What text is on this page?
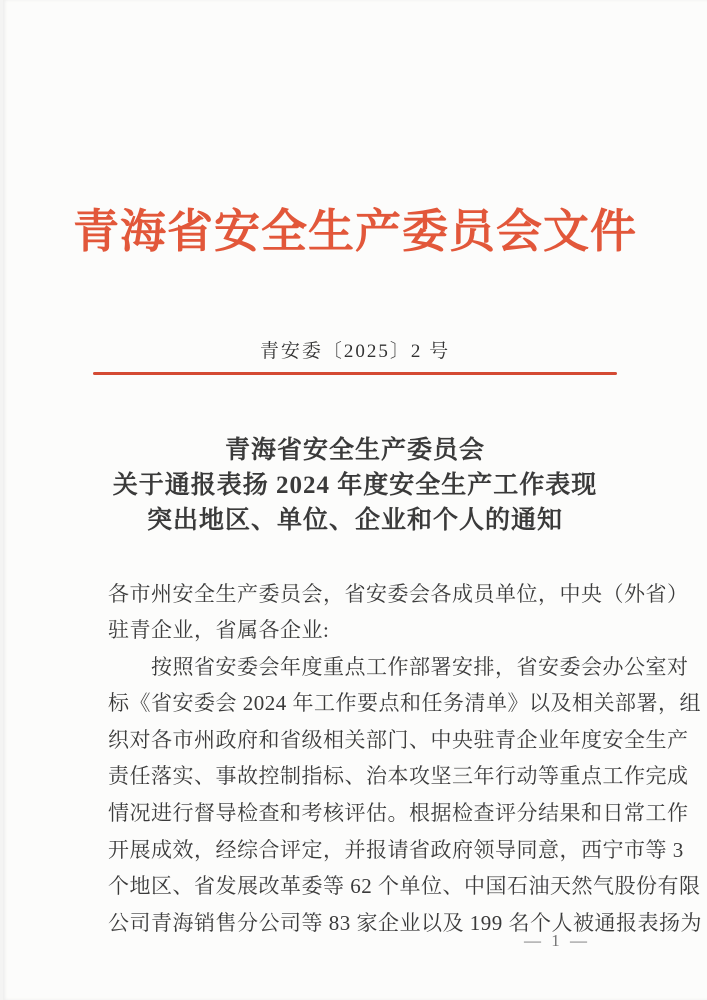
青海省安全生产委员会文件
青安委〔2025〕2 号
青海省安全生产委员会
关于通报表扬 2024 年度安全生产工作表现
突出地区、单位、企业和个人的通知
各市州安全生产委员会，省安委会各成员单位，中央（外省）
驻青企业，省属各企业:
　　按照省安委会年度重点工作部署安排，省安委会办公室对
标《省安委会 2024 年工作要点和任务清单》以及相关部署，组
织对各市州政府和省级相关部门、中央驻青企业年度安全生产
责任落实、事故控制指标、治本攻坚三年行动等重点工作完成
情况进行督导检查和考核评估。根据检查评分结果和日常工作
开展成效，经综合评定，并报请省政府领导同意，西宁市等 3
个地区、省发展改革委等 62 个单位、中国石油天然气股份有限
公司青海销售分公司等 83 家企业以及 199 名个人被通报表扬为
— 1 —
